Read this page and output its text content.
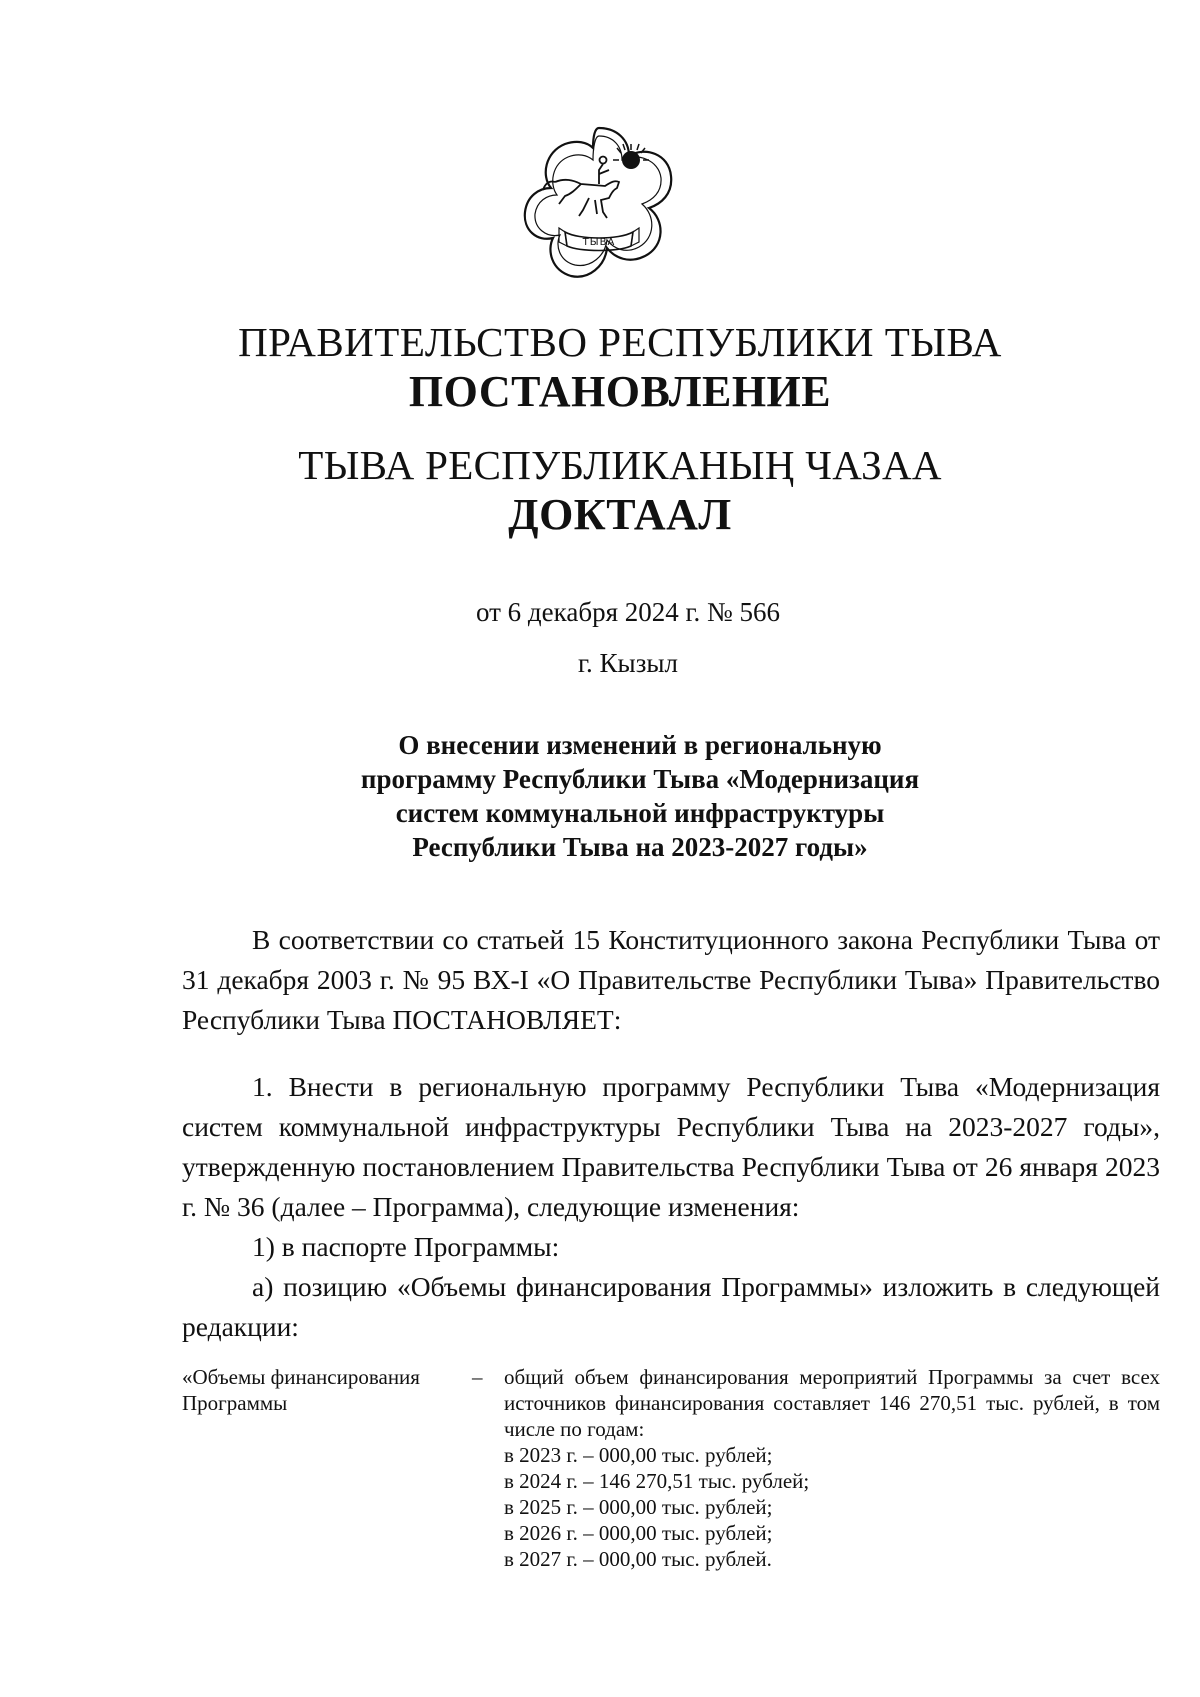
ТЫВА
ПРАВИТЕЛЬСТВО РЕСПУБЛИКИ ТЫВА
ПОСТАНОВЛЕНИЕ
ТЫВА РЕСПУБЛИКАНЫҢ ЧАЗАА
ДОКТААЛ
от 6 декабря 2024 г. № 566
г. Кызыл
О внесении изменений в региональную
программу Республики Тыва «Модернизация
систем коммунальной инфраструктуры
Республики Тыва на 2023-2027 годы»
В соответствии со статьей 15 Конституционного закона Республики Тыва от 31 декабря 2003 г. № 95 ВХ-I «О Правительстве Республики Тыва» Правительство Республики Тыва ПОСТАНОВЛЯЕТ:
1. Внести в региональную программу Республики Тыва «Модернизация систем коммунальной инфраструктуры Республики Тыва на 2023-2027 годы», утвержденную постановлением Правительства Республики Тыва от 26 января 2023 г. № 36 (далее – Программа), следующие изменения:
1) в паспорте Программы:
а) позицию «Объемы финансирования Программы» изложить в следующей редакции:
«Объемы финансирования
Программы
– общий объем финансирования мероприятий Программы за счет всех источников финансирования составляет 146 270,51 тыс. рублей, в том числе по годам:
в 2023 г. – 000,00 тыс. рублей;
в 2024 г. – 146 270,51 тыс. рублей;
в 2025 г. – 000,00 тыс. рублей;
в 2026 г. – 000,00 тыс. рублей;
в 2027 г. – 000,00 тыс. рублей.
